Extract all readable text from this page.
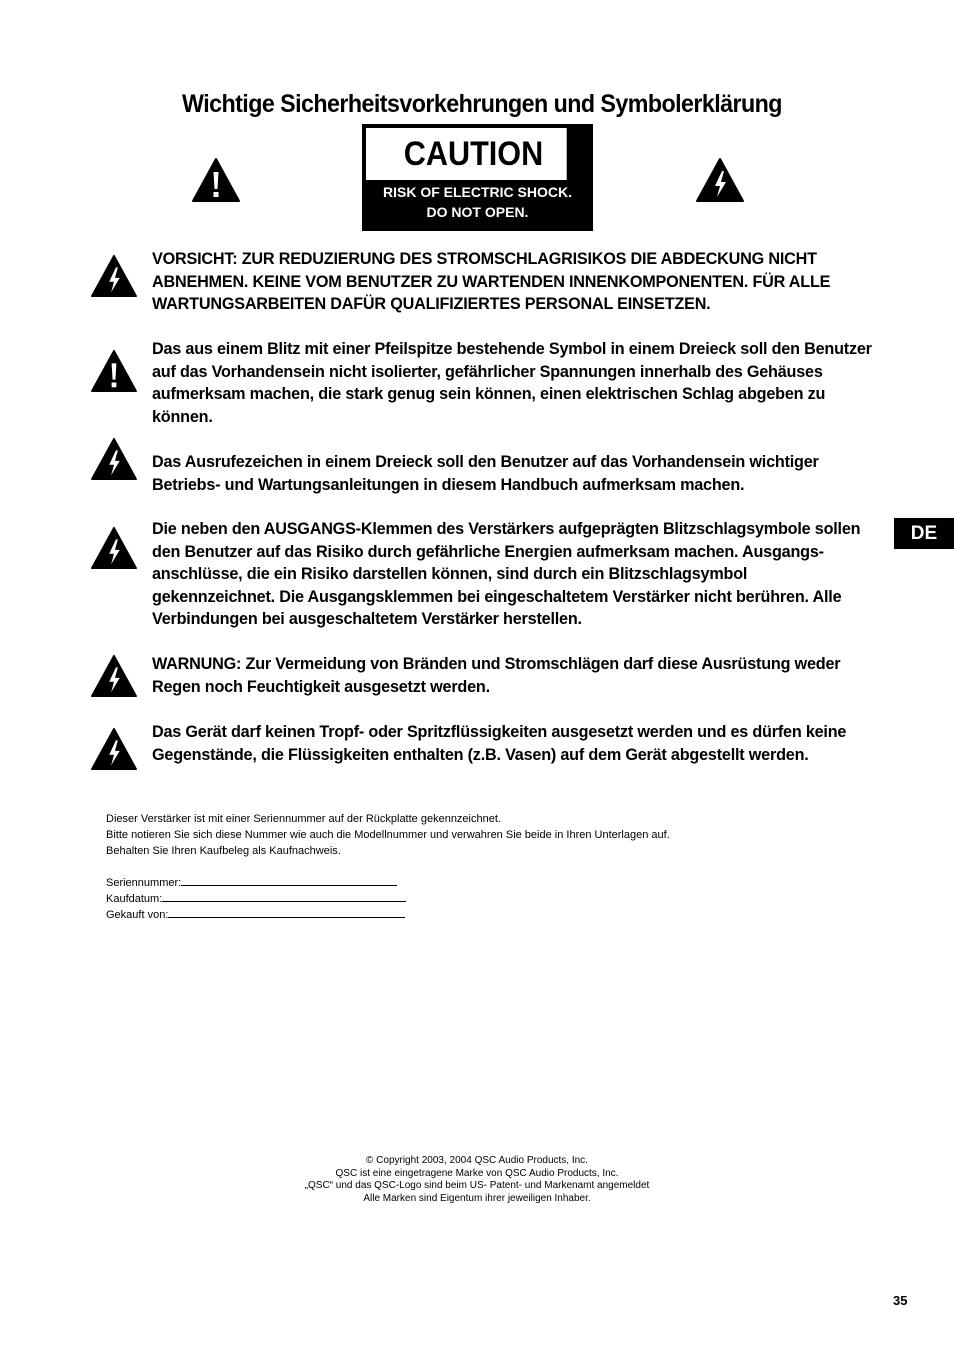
Wichtige Sicherheitsvorkehrungen und Symbolerklärung
CAUTION
RISK OF ELECTRIC SHOCK.
DO NOT OPEN.
VORSICHT: ZUR REDUZIERUNG DES STROMSCHLAGRISIKOS DIE ABDECKUNG NICHT ABNEHMEN. KEINE VOM BENUTZER ZU WARTENDEN INNENKOMPONENTEN. FÜR ALLE WARTUNGSARBEITEN DAFÜR QUALIFIZIERTES PERSONAL EINSETZEN.
Das aus einem Blitz mit einer Pfeilspitze bestehende Symbol in einem Dreieck soll den Benutzer auf das Vorhandensein nicht isolierter, gefährlicher Spannungen innerhalb des Gehäuses aufmerksam machen, die stark genug sein können, einen elektrischen Schlag abgeben zu können.
Das Ausrufezeichen in einem Dreieck soll den Benutzer auf das Vorhandensein wichtiger Betriebs- und Wartungsanleitungen in diesem Handbuch aufmerksam machen.
Die neben den AUSGANGS-Klemmen des Verstärkers aufgeprägten Blitzschlagsymbole sollen den Benutzer auf das Risiko durch gefährliche Energien aufmerksam machen. Ausgangs-anschlüsse, die ein Risiko darstellen können, sind durch ein Blitzschlagsymbol gekennzeichnet. Die Ausgangsklemmen bei eingeschaltetem Verstärker nicht berühren. Alle Verbindungen bei ausgeschaltetem Verstärker herstellen.
WARNUNG: Zur Vermeidung von Bränden und Stromschlägen darf diese Ausrüstung weder Regen noch Feuchtigkeit ausgesetzt werden.
Das Gerät darf keinen Tropf- oder Spritzflüssigkeiten ausgesetzt werden und es dürfen keine Gegenstände, die Flüssigkeiten enthalten (z.B. Vasen) auf dem Gerät abgestellt werden.
DE
Dieser Verstärker ist mit einer Seriennummer auf der Rückplatte gekennzeichnet.
Bitte notieren Sie sich diese Nummer wie auch die Modellnummer und verwahren Sie beide in Ihren Unterlagen auf.
Behalten Sie Ihren Kaufbeleg als Kaufnachweis.
Seriennummer:
Kaufdatum:
Gekauft von:
© Copyright 2003, 2004 QSC Audio Products, Inc.
QSC ist eine eingetragene Marke von QSC Audio Products, Inc.
„QSC“ und das QSC-Logo sind beim US- Patent- und Markenamt angemeldet
Alle Marken sind Eigentum ihrer jeweiligen Inhaber.
35
